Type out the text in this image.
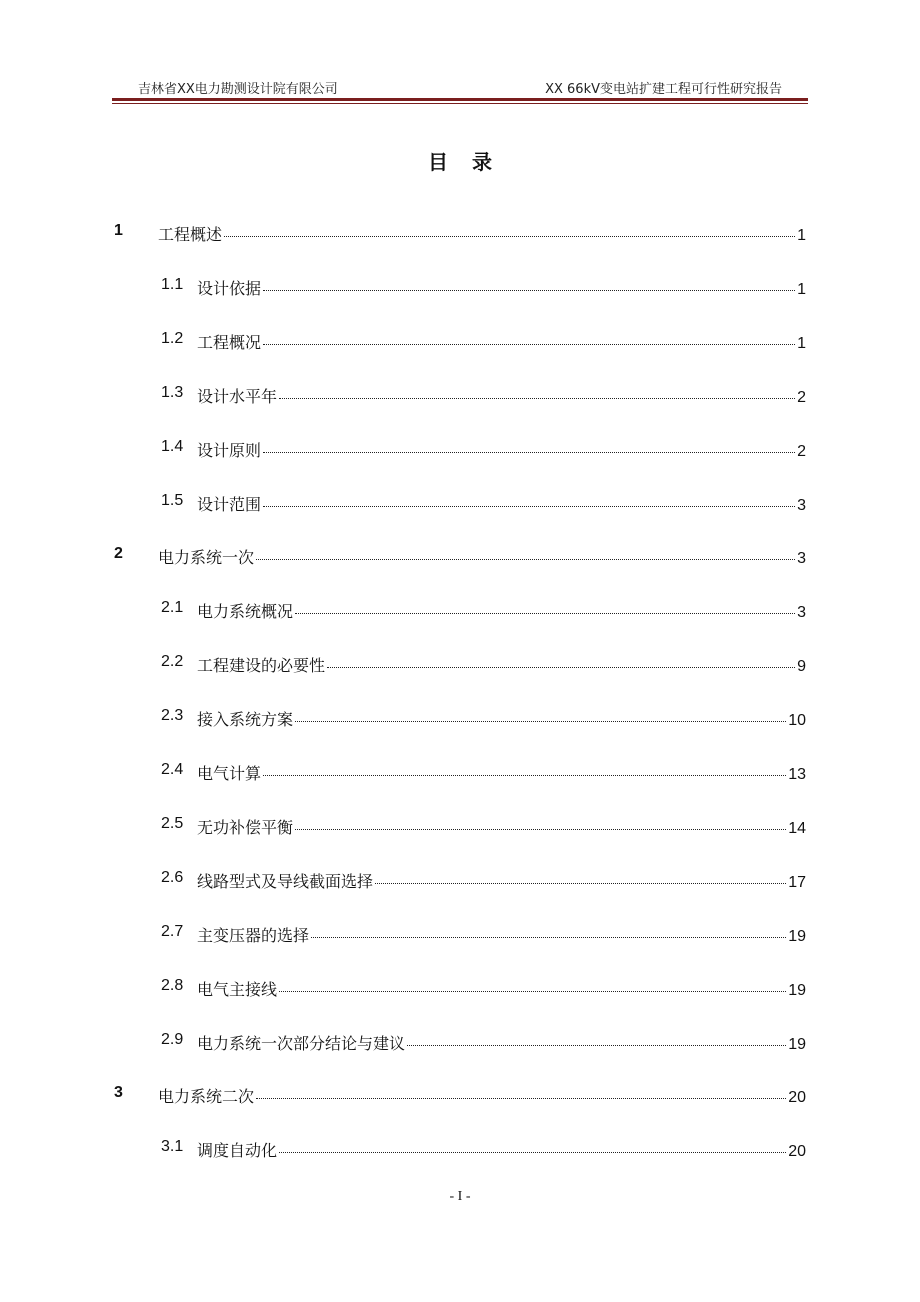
吉林省XX电力勘测设计院有限公司	XX 66kV变电站扩建工程可行性研究报告
目录
1 工程概述	1
1.1 设计依据	1
1.2 工程概况	1
1.3 设计水平年	2
1.4 设计原则	2
1.5 设计范围	3
2 电力系统一次	3
2.1 电力系统概况	3
2.2 工程建设的必要性	9
2.3 接入系统方案	10
2.4 电气计算	13
2.5 无功补偿平衡	14
2.6 线路型式及导线截面选择	17
2.7 主变压器的选择	19
2.8 电气主接线	19
2.9 电力系统一次部分结论与建议	19
3 电力系统二次	20
3.1 调度自动化	20
- I -
